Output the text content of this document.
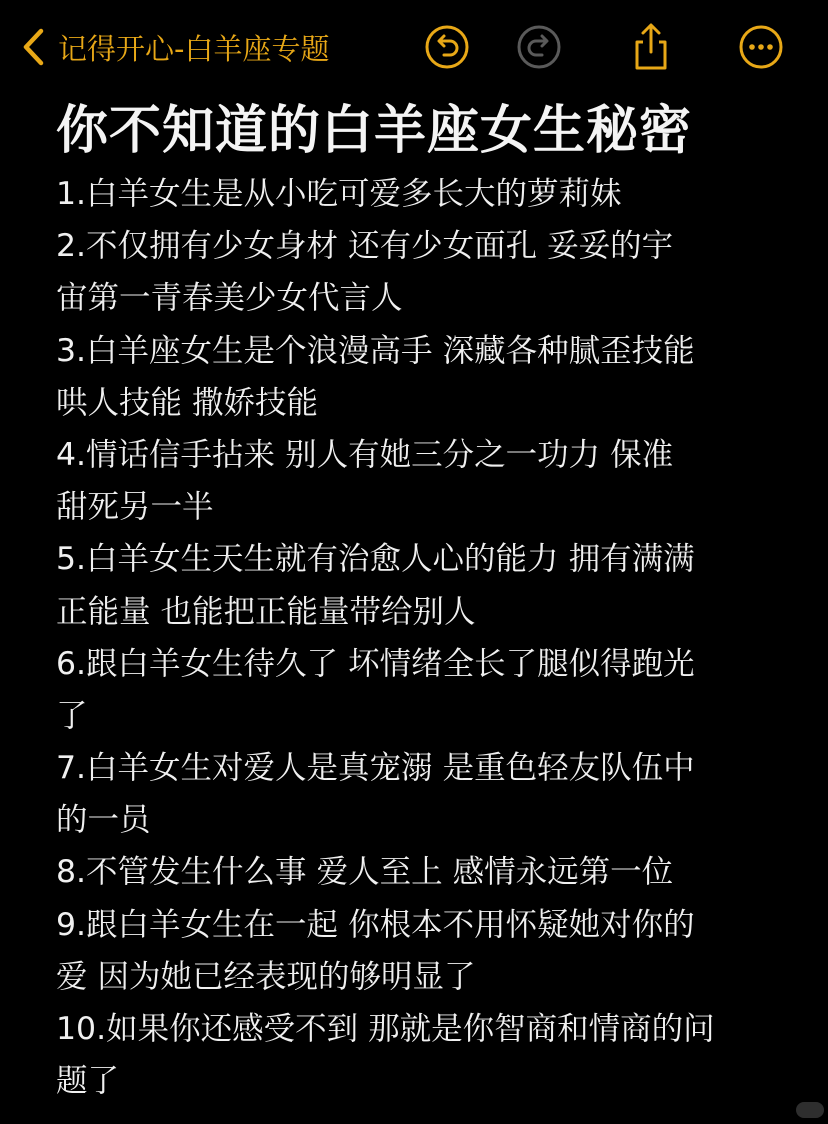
记得开心-白羊座专题
你不知道的白羊座女生秘密
1.白羊女生是从小吃可爱多长大的萝莉妹
2.不仅拥有少女身材 还有少女面孔 妥妥的宇
宙第一青春美少女代言人
3.白羊座女生是个浪漫高手 深藏各种腻歪技能
哄人技能 撒娇技能
4.情话信手拈来 别人有她三分之一功力 保准
甜死另一半
5.白羊女生天生就有治愈人心的能力 拥有满满
正能量 也能把正能量带给别人
6.跟白羊女生待久了 坏情绪全长了腿似得跑光
了
7.白羊女生对爱人是真宠溺 是重色轻友队伍中
的一员
8.不管发生什么事 爱人至上 感情永远第一位
9.跟白羊女生在一起 你根本不用怀疑她对你的
爱 因为她已经表现的够明显了
10.如果你还感受不到 那就是你智商和情商的问
题了
